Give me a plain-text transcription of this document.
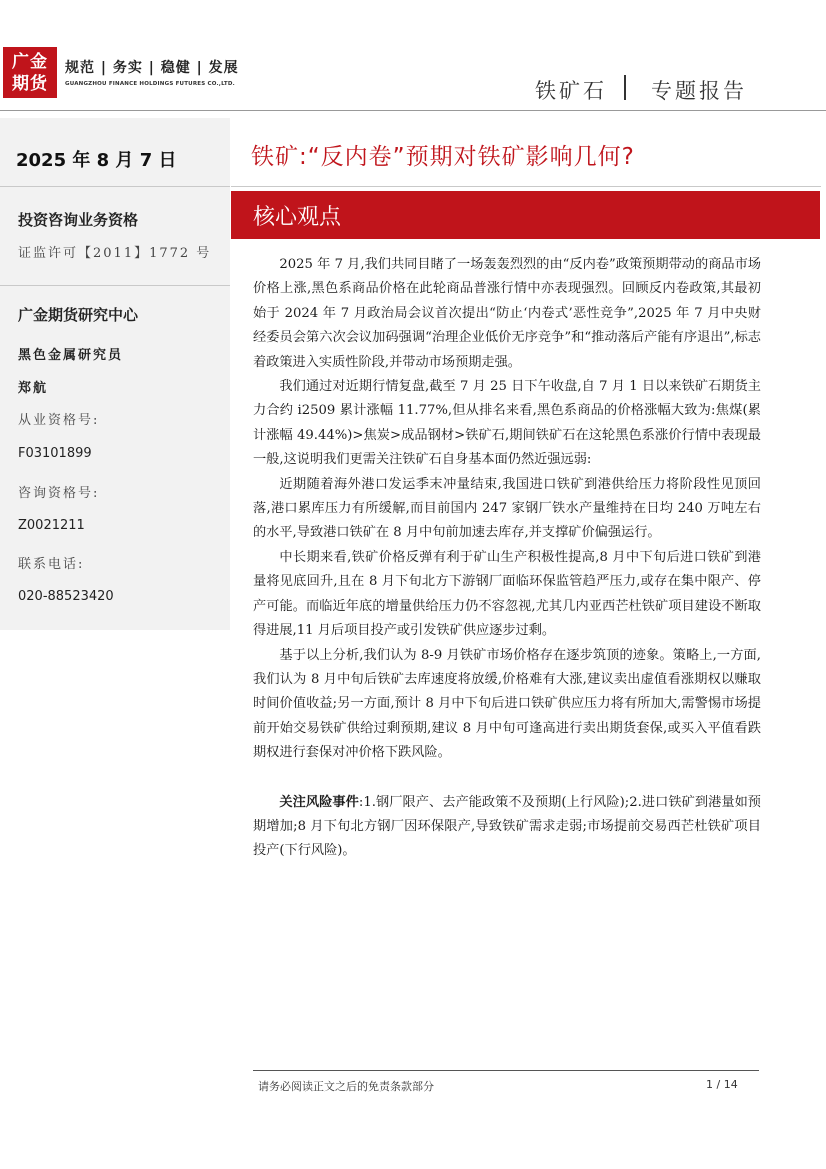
广金
期货
规范 | 务实 | 稳健 | 发展
GUANGZHOU FINANCE HOLDINGS FUTURES CO.,LTD.	铁矿石 专题报告
2025 年 8 月 7 日
投资咨询业务资格
证监许可【2011】1772 号
广金期货研究中心
黑色金属研究员
郑航
从业资格号:
F03101899
咨询资格号:
Z0021211
联系电话:
020-88523420
铁矿:“反内卷”预期对铁矿影响几何?
核心观点

2025 年 7 月,我们共同目睹了一场轰轰烈烈的由“反内卷”政策预期带动的商品市场价格上涨,黑色系商品价格在此轮商品普涨行情中亦表现强烈。回顾反内卷政策,其最初始于 2024 年 7 月政治局会议首次提出“防止‘内卷式’恶性竞争”,2025 年 7 月中央财经委员会第六次会议加码强调“治理企业低价无序竞争”和“推动落后产能有序退出”,标志着政策进入实质性阶段,并带动市场预期走强。

我们通过对近期行情复盘,截至 7 月 25 日下午收盘,自 7 月 1 日以来铁矿石期货主力合约 i2509 累计涨幅 11.77%,但从排名来看,黑色系商品的价格涨幅大致为:焦煤(累计涨幅 49.44%)>焦炭>成品钢材>铁矿石,期间铁矿石在这轮黑色系涨价行情中表现最一般,这说明我们更需关注铁矿石自身基本面仍然近强远弱:

近期随着海外港口发运季末冲量结束,我国进口铁矿到港供给压力将阶段性见顶回落,港口累库压力有所缓解,而目前国内 247 家钢厂铁水产量维持在日均 240 万吨左右的水平,导致港口铁矿在 8 月中旬前加速去库存,并支撑矿价偏强运行。

中长期来看,铁矿价格反弹有利于矿山生产积极性提高,8 月中下旬后进口铁矿到港量将见底回升,且在 8 月下旬北方下游钢厂面临环保监管趋严压力,或存在集中限产、停产可能。而临近年底的增量供给压力仍不容忽视,尤其几内亚西芒杜铁矿项目建设不断取得进展,11 月后项目投产或引发铁矿供应逐步过剩。

基于以上分析,我们认为 8-9 月铁矿市场价格存在逐步筑顶的迹象。策略上,一方面,我们认为 8 月中旬后铁矿去库速度将放缓,价格难有大涨,建议卖出虚值看涨期权以赚取时间价值收益;另一方面,预计 8 月中下旬后进口铁矿供应压力将有所加大,需警惕市场提前开始交易铁矿供给过剩预期,建议 8 月中旬可逢高进行卖出期货套保,或买入平值看跌期权进行套保对冲价格下跌风险。

关注风险事件:1.钢厂限产、去产能政策不及预期(上行风险);2.进口铁矿到港量如预期增加;8 月下旬北方钢厂因环保限产,导致铁矿需求走弱;市场提前交易西芒杜铁矿项目投产(下行风险)。

请务必阅读正文之后的免责条款部分	1 / 14
